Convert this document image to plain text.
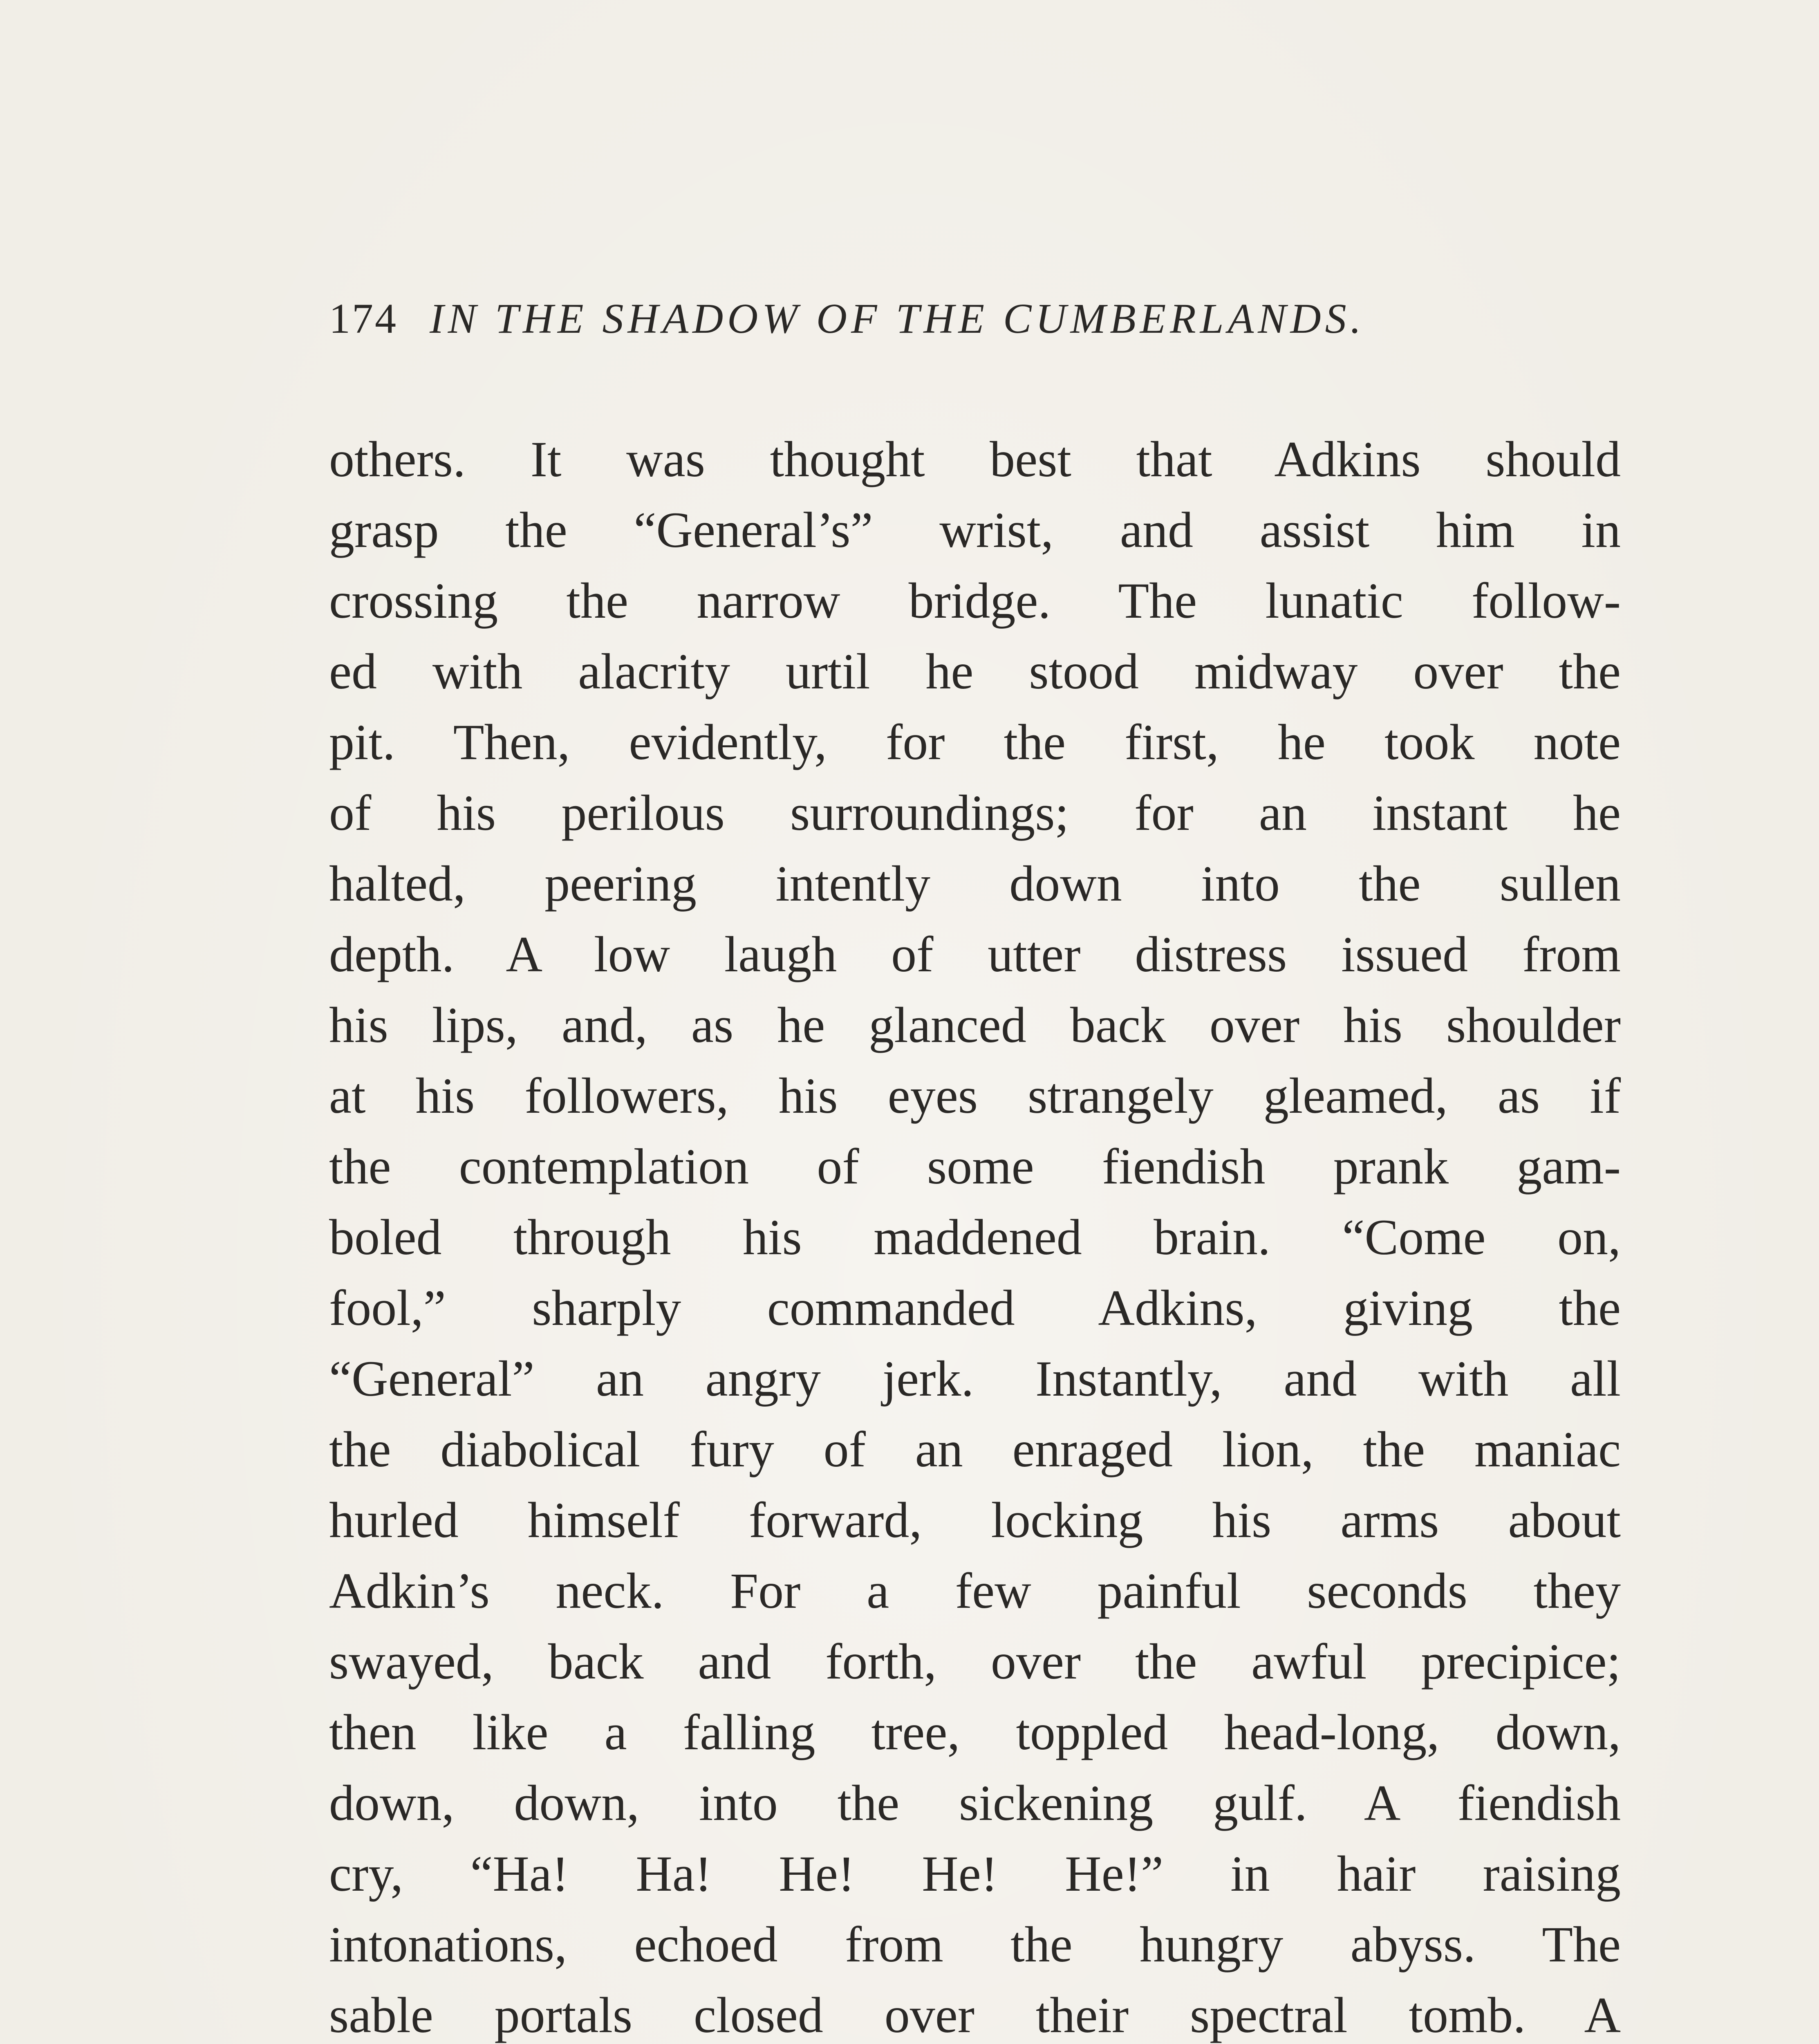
174 IN THE SHADOW OF THE CUMBERLANDS.
others. It was thought best that Adkins should
grasp the “General’s” wrist, and assist him in
crossing the narrow bridge. The lunatic follow-
ed with alacrity urtil he stood midway over the
pit. Then, evidently, for the first, he took note
of his perilous surroundings; for an instant he
halted, peering intently down into the sullen
depth. A low laugh of utter distress issued from
his lips, and, as he glanced back over his shoulder
at his followers, his eyes strangely gleamed, as if
the contemplation of some fiendish prank gam-
boled through his maddened brain. “Come on,
fool,” sharply commanded Adkins, giving the
“General” an angry jerk. Instantly, and with all
the diabolical fury of an enraged lion, the maniac
hurled himself forward, locking his arms about
Adkin’s neck. For a few painful seconds they
swayed, back and forth, over the awful precipice;
then like a falling tree, toppled head-long, down,
down, down, into the sickening gulf. A fiendish
cry, “Ha! Ha! He! He! He!” in hair raising
intonations, echoed from the hungry abyss. The
sable portals closed over their spectral tomb. A
